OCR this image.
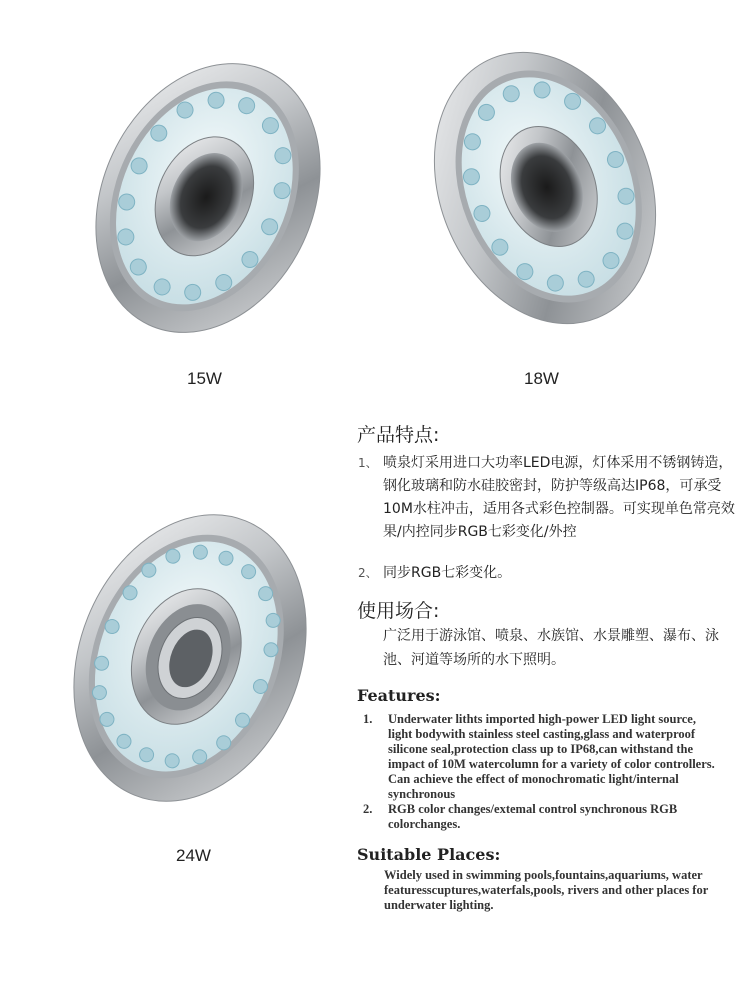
15W	18W
24W
产品特点:
1、 喷泉灯采用进口大功率LED电源，灯体采用不锈钢铸造，钢化玻璃和防水硅胶密封，防护等级高达IP68，可承受10M水柱冲击，适用各式彩色控制器。可实现单色常亮效果/内控同步RGB七彩变化/外控
2、 同步RGB七彩变化。
使用场合:
广泛用于游泳馆、喷泉、水族馆、水景雕塑、瀑布、泳池、河道等场所的水下照明。
Features:
1. Underwater lithts imported high-power LED light source, light bodywith stainless steel casting,glass and waterproof silicone seal,protection class up to IP68,can withstand the impact of 10M watercolumn for a variety of color controllers. Can achieve the effect of monochromatic light/internal synchronous
2. RGB color changes/extemal control synchronous RGB colorchanges.
Suitable Places:
Widely used in swimming pools,fountains,aquariums, water featuresscuptures,waterfals,pools, rivers and other places for underwater lighting.
